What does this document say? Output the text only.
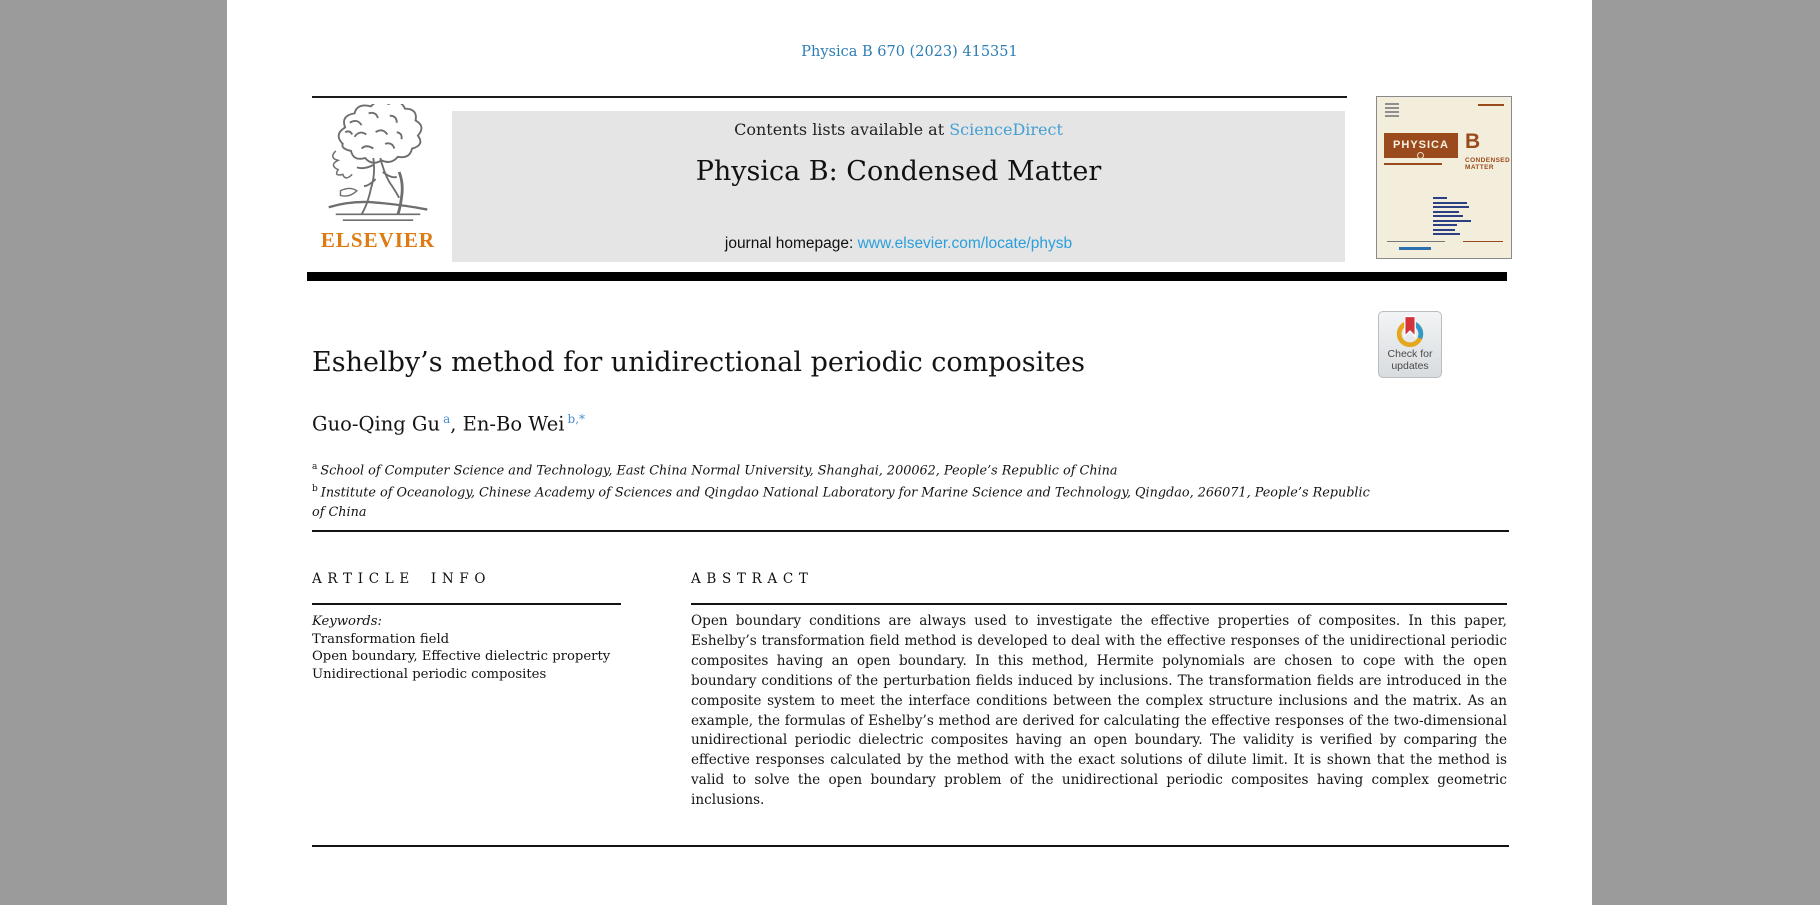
Physica B 670 (2023) 415351
ELSEVIER
Contents lists available at ScienceDirect
Physica B: Condensed Matter
journal homepage: www.elsevier.com/locate/physb
PHYSICA B
CONDENSED MATTER
Check for
updates
Eshelby’s method for unidirectional periodic composites
Guo-Qing Gu $^a$, En-Bo Wei $^{b,*}$
$^a$ School of Computer Science and Technology, East China Normal University, Shanghai, 200062, People’s Republic of China
$^b$ Institute of Oceanology, Chinese Academy of Sciences and Qingdao National Laboratory for Marine Science and Technology, Qingdao, 266071, People’s Republic of China
ARTICLE INFO
Keywords:
Transformation field
Open boundary, Effective dielectric property
Unidirectional periodic composites
ABSTRACT
Open boundary conditions are always used to investigate the effective properties of composites. In this paper, Eshelby’s transformation field method is developed to deal with the effective responses of the unidirectional periodic composites having an open boundary. In this method, Hermite polynomials are chosen to cope with the open boundary conditions of the perturbation fields induced by inclusions. The transformation fields are introduced in the composite system to meet the interface conditions between the complex structure inclusions and the matrix. As an example, the formulas of Eshelby’s method are derived for calculating the effective responses of the two-dimensional unidirectional periodic dielectric composites having an open boundary. The validity is verified by comparing the effective responses calculated by the method with the exact solutions of dilute limit. It is shown that the method is valid to solve the open boundary problem of the unidirectional periodic composites having complex geometric inclusions.
